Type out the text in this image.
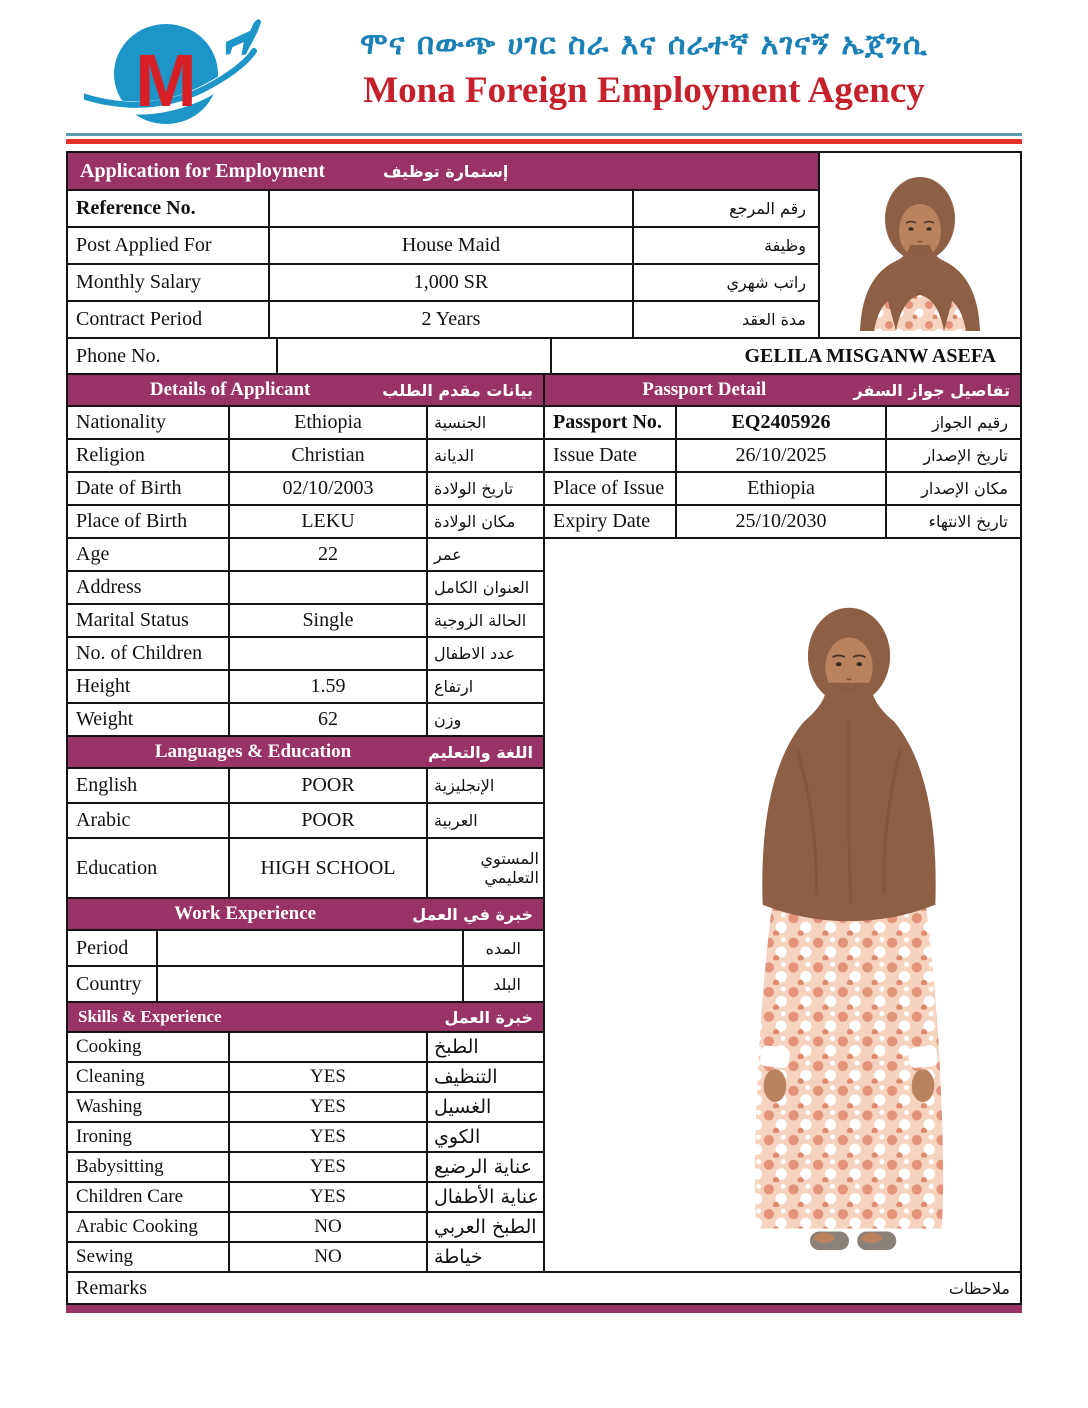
M	ሞና በውጭ ሀገር ስራ እና ሰራተኛ አገናኝ ኤጀንሲ
Mona Foreign Employment Agency
Application for Employment	إستمارة توظيف
Reference No.	رقم المرجع
Post Applied For	House Maid	وظيفة
Monthly Salary	1,000 SR	راتب شهري
Contract Period	2 Years	مدة العقد
Phone No.	GELILA MISGANW ASEFA
Details of Applicant	بيانات مقدم الطلب
Nationality	Ethiopia	الجنسية
Religion	Christian	الديانة
Date of Birth	02/10/2003	تاريخ الولادة
Place of Birth	LEKU	مكان الولادة
Age	22	عمر
Address	العنوان الكامل
Marital Status	Single	الحالة الزوجية
No. of Children	عدد الاطفال
Height	1.59	ارتفاع
Weight	62	وزن
Languages & Education	اللغة والتعليم
English	POOR	الإنجليزية
Arabic	POOR	العربية
Education	HIGH SCHOOL	المستوي التعليمي
Work Experience	خبرة في العمل
Period	المده
Country	البلد
Skills & Experience	خبرة العمل
Cooking	الطبخ
Cleaning	YES	التنظيف
Washing	YES	الغسيل
Ironing	YES	الكوي
Babysitting	YES	عناية الرضيع
Children Care	YES	عناية الأطفال
Arabic Cooking	NO	الطبخ العربي
Sewing	NO	خياطة
Passport Detail	تفاصيل جواز السفر
Passport No.	EQ2405926	رقيم الجواز
Issue Date	26/10/2025	تاريخ الإصدار
Place of Issue	Ethiopia	مكان الإصدار
Expiry Date	25/10/2030	تاريخ الانتهاء
Remarks	ملاحظات
